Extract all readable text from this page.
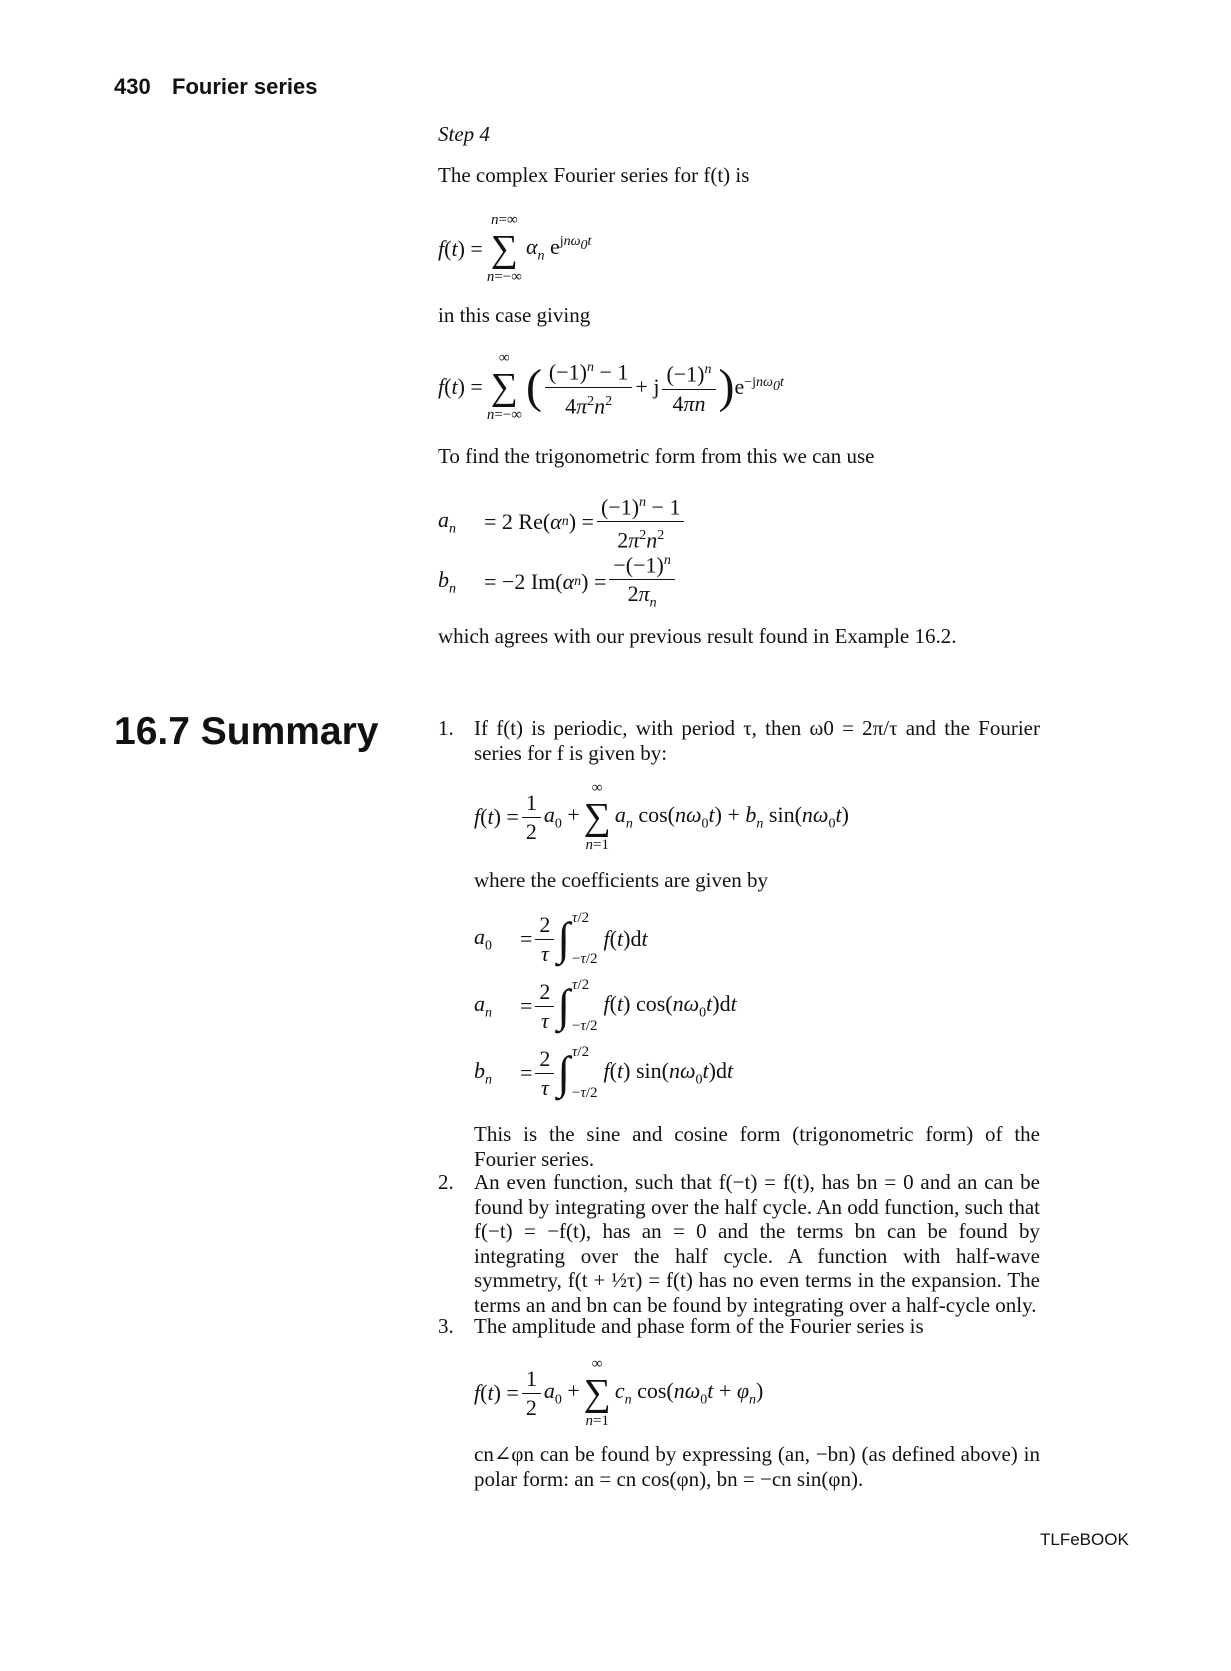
430 Fourier series
Step 4
The complex Fourier series for f(t) is
f(t) =
n=∞
∑
n=−∞
$\alpha_n$ $e^{jn\omega_0t}$
in this case giving
f(t) =
∞
∑
n=−∞
( $\frac{(-1)^n - 1}{4\pi^2n^2} + j \frac{(-1)^n}{4\pi n}$ ) $e^{-jn\omega_0t}$
To find the trigonometric form from this we can use
$a_n$	= 2 Re( α n ) = $\frac{(-1)^n - 1}{2\pi^2n^2}$
$b_n$	= −2 Im( α n ) = $\frac{-(-1)^n}{2\pi_n}$
which agrees with our previous result found in Example 16.2.
16.7 Summary	1. If f(t) is periodic, with period τ, then ω0 = 2π/τ and the Fourier series for f is given by:
$f(t) = \frac{1}{2} a_0$ +
∞
∑
n=1
$a_n$ $\cos(n\omega_0t) + b_n$ $\sin(n\omega_0t)$
where the coefficients are given by
$a_0$	= $\frac{2}{\tau}$ ∫ τ/2
−τ/2
f(t)dt
$a_n$	= $\frac{2}{\tau}$ ∫ τ/2
−τ/2
f(t) $\cos(n\omega_0t)dt$
$b_n$	= $\frac{2}{\tau}$ ∫ τ/2
−τ/2
f(t) $\sin(n\omega_0t)dt$
This is the sine and cosine form (trigonometric form) of the Fourier series.
2. An even function, such that f(−t) = f(t), has bn = 0 and an can be found by integrating over the half cycle. An odd function, such that f(−t) = −f(t), has an = 0 and the terms bn can be found by integrating over the half cycle. A function with half-wave symmetry, f(t + ½τ) = f(t) has no even terms in the expansion. The terms an and bn can be found by integrating over a half-cycle only.
3. The amplitude and phase form of the Fourier series is
$f(t) = \frac{1}{2} a_0$ +
∞
∑
n=1
$c_n$ $\cos(n\omega_0t + \varphi_n)$
cn∠φn can be found by expressing (an, −bn) (as defined above) in polar form: an = cn cos(φn), bn = −cn sin(φn).
TLFeBOOK
